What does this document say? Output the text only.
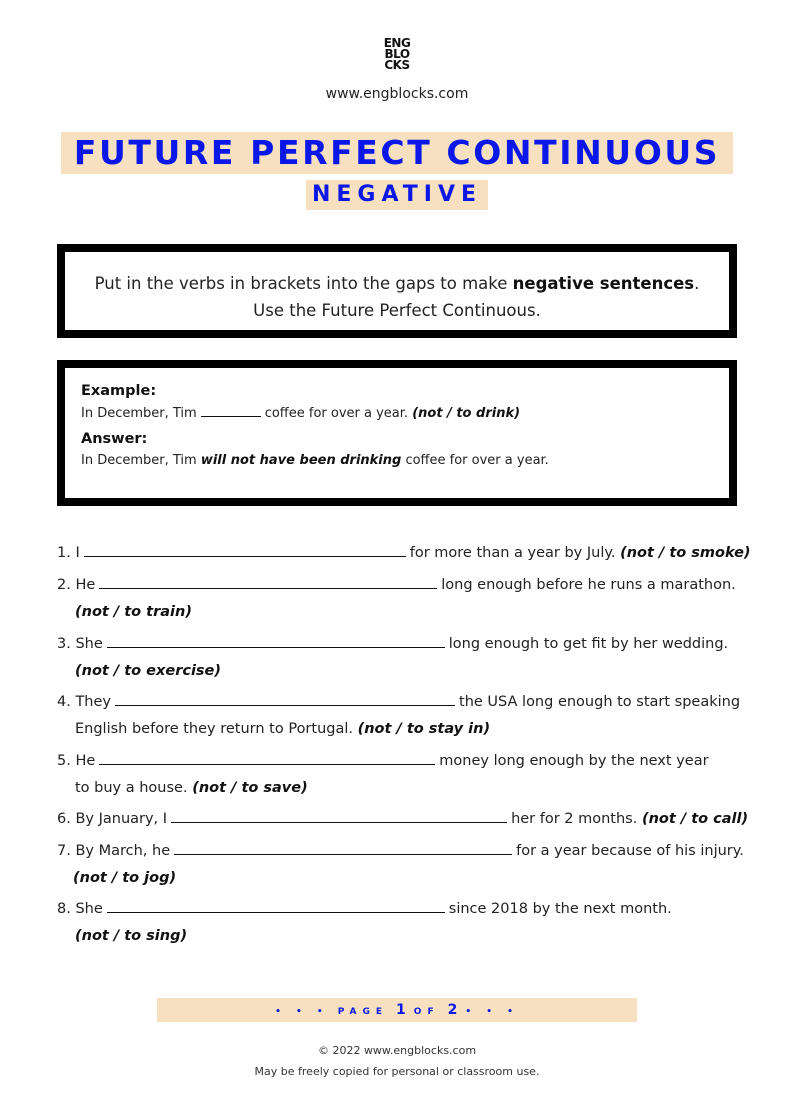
ENG
BLO
CKS
www.engblocks.com
FUTURE PERFECT CONTINUOUS
NEGATIVE
Put in the verbs in brackets into the gaps to make negative sentences.
Use the Future Perfect Continuous.
Example:
In December, Tim	coffee for over a year. (not / to drink)
Answer:
In December, Tim will not have been drinking coffee for over a year.
1. I	for more than a year by July. (not / to smoke)
2. He	long enough before he runs a marathon.
(not / to train)
3. She	long enough to get fit by her wedding.
(not / to exercise)
4. They	the USA long enough to start speaking
English before they return to Portugal. (not / to stay in)
5. He	money long enough by the next year
to buy a house. (not / to save)
6. By January, I	her for 2 months. (not / to call)
7. By March, he	for a year because of his injury.
(not / to jog)
8. She	since 2018 by the next month.
(not / to sing)
• • • PAGE 1 OF 2 • • •
© 2022 www.engblocks.com
May be freely copied for personal or classroom use.
